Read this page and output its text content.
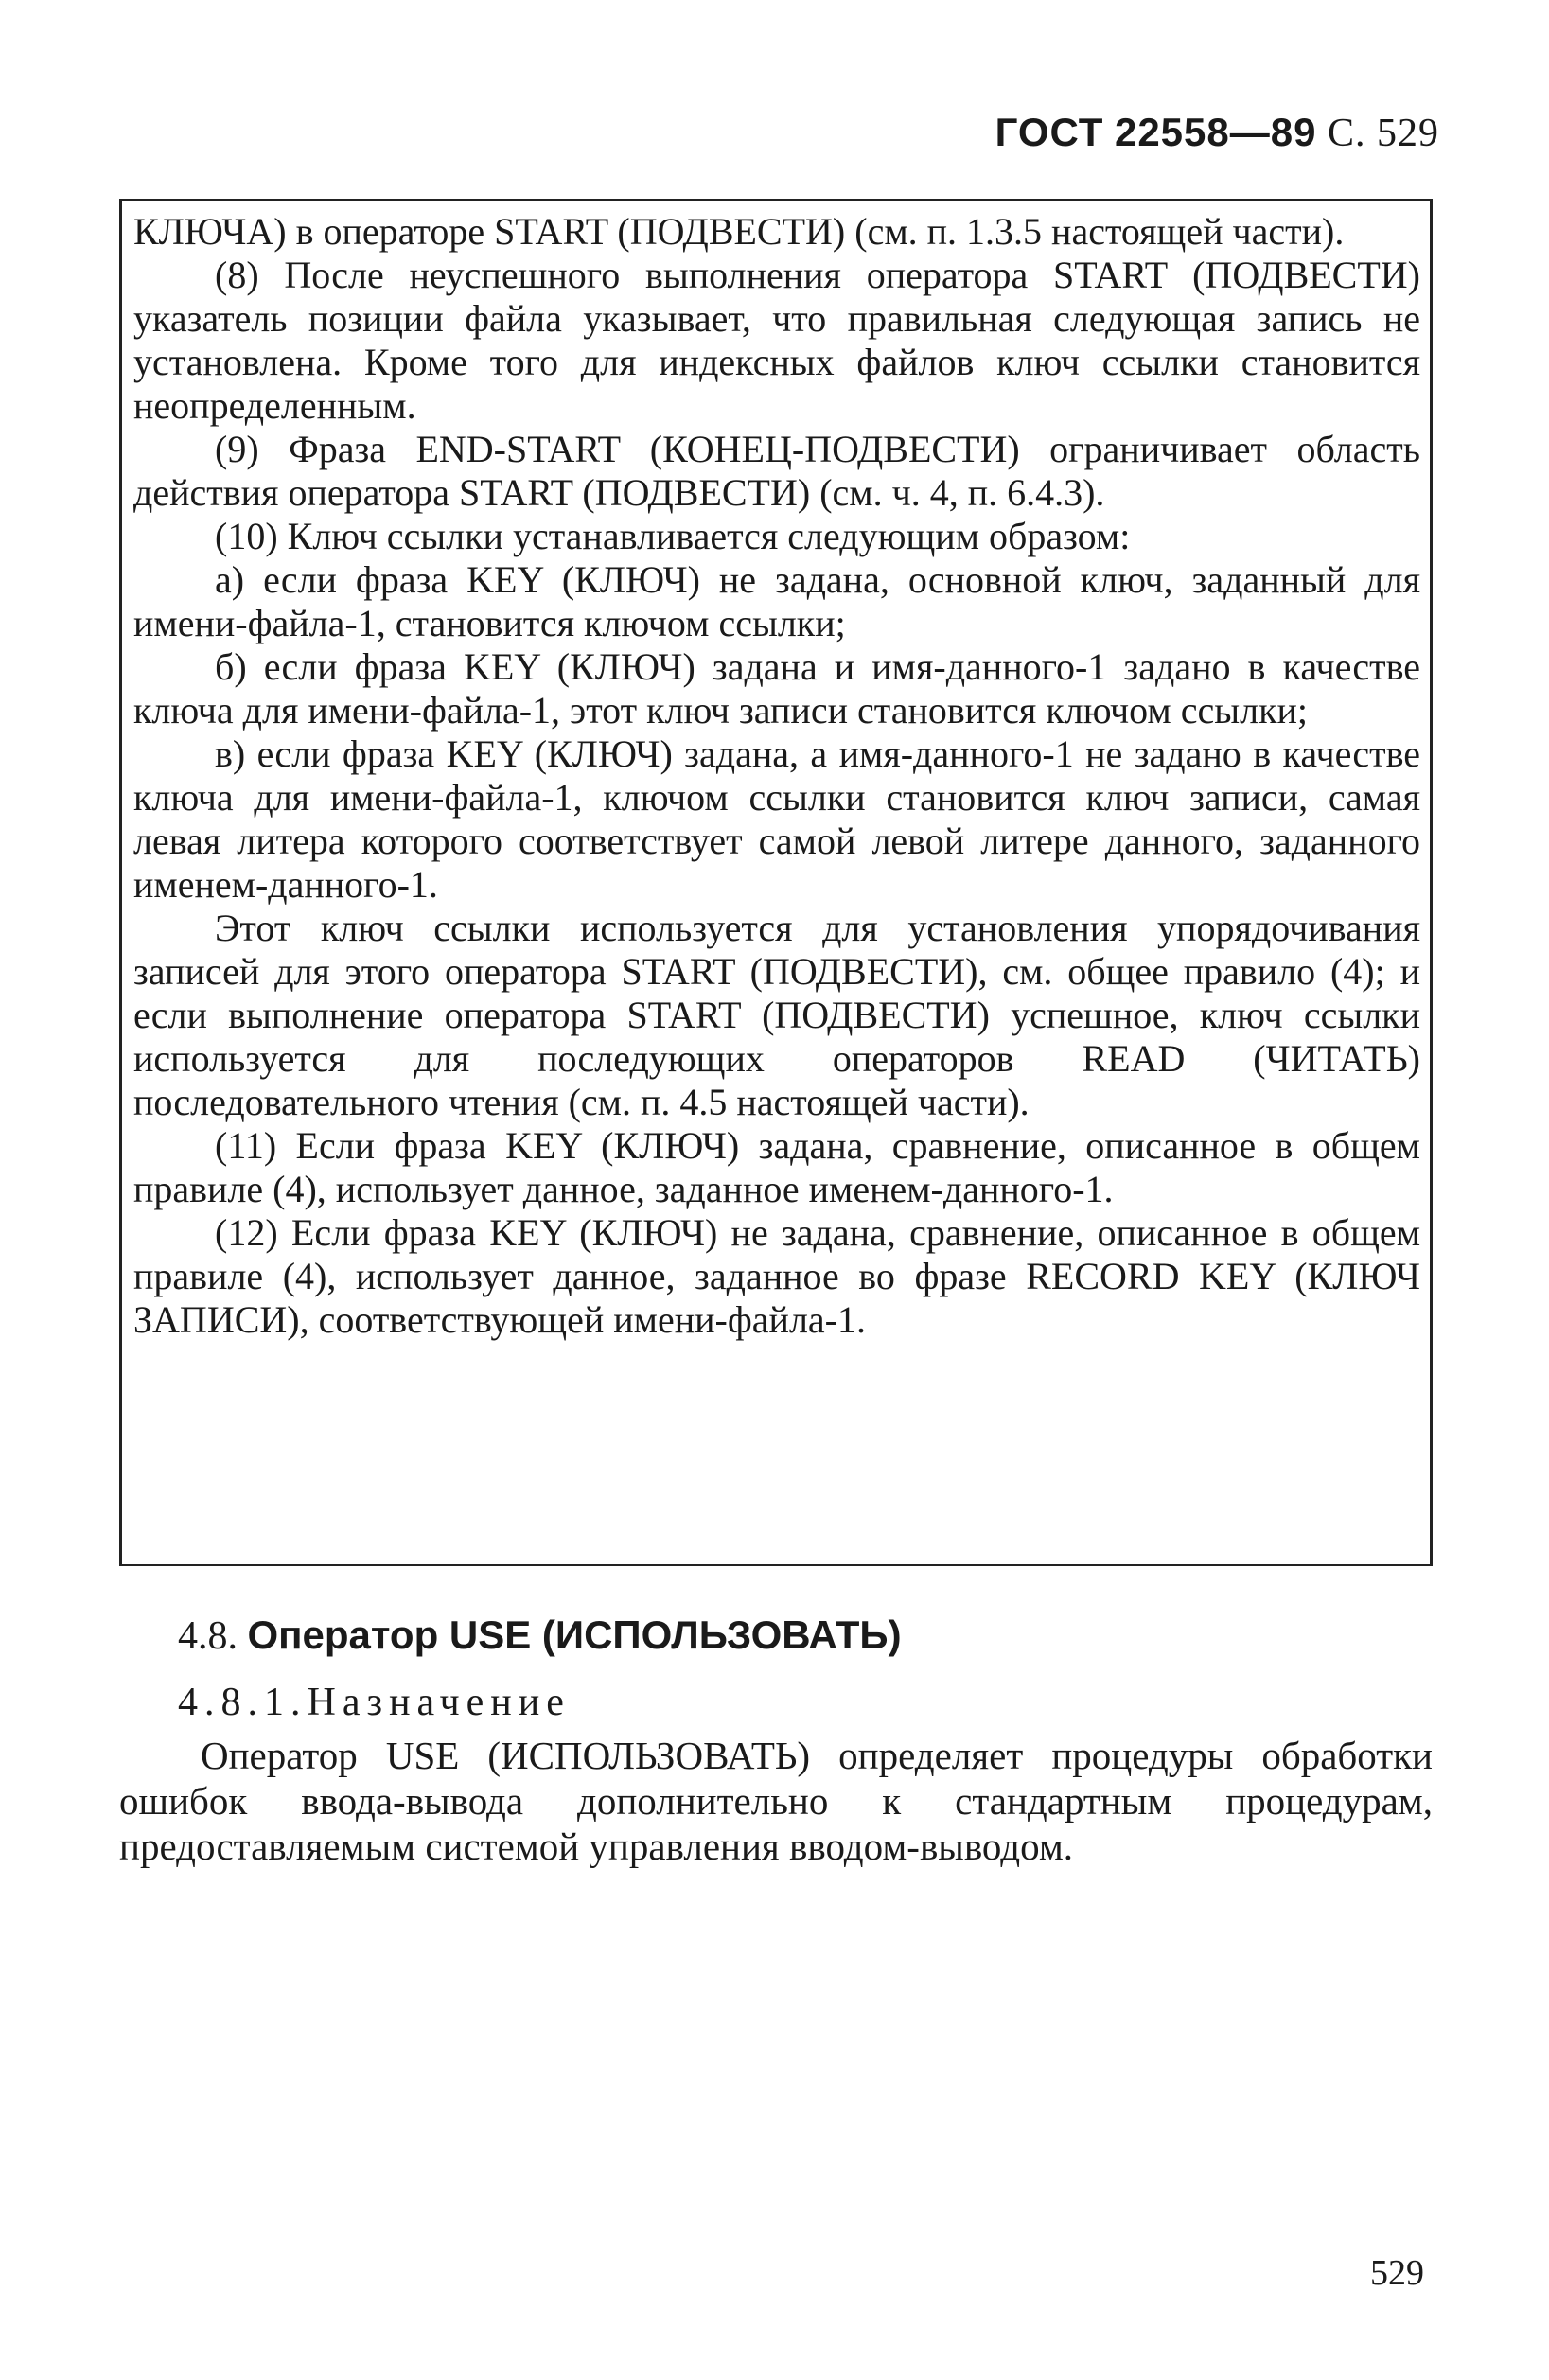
ГОСТ 22558—89 С. 529

КЛЮЧА) в операторе START (ПОДВЕСТИ) (см. п. 1.3.5 настоящей части).

(8) После неуспешного выполнения оператора START (ПОДВЕСТИ) указатель позиции файла указывает, что правильная следующая запись не установлена. Кроме того для индексных файлов ключ ссылки становится неопределенным.

(9) Фраза END-START (КОНЕЦ-ПОДВЕСТИ) ограничивает область действия оператора START (ПОДВЕСТИ) (см. ч. 4, п. 6.4.3).

(10) Ключ ссылки устанавливается следующим образом:

а) если фраза KEY (КЛЮЧ) не задана, основной ключ, заданный для имени-файла-1, становится ключом ссылки;

б) если фраза KEY (КЛЮЧ) задана и имя-данного-1 задано в качестве ключа для имени-файла-1, этот ключ записи становится ключом ссылки;

в) если фраза KEY (КЛЮЧ) задана, а имя-данного-1 не задано в качестве ключа для имени-файла-1, ключом ссылки становится ключ записи, самая левая литера которого соответствует самой левой литере данного, заданного именем-данного-1.

Этот ключ ссылки используется для установления упорядочивания записей для этого оператора START (ПОДВЕСТИ), см. общее правило (4); и если выполнение оператора START (ПОДВЕСТИ) успешное, ключ ссылки используется для последующих операторов READ (ЧИТАТЬ) последовательного чтения (см. п. 4.5 настоящей части).

(11) Если фраза KEY (КЛЮЧ) задана, сравнение, описанное в общем правиле (4), использует данное, заданное именем-данного-1.

(12) Если фраза KEY (КЛЮЧ) не задана, сравнение, описанное в общем правиле (4), использует данное, заданное во фразе RECORD KEY (КЛЮЧ ЗАПИСИ), соответствующей имени-файла-1.

4.8. Оператор USE (ИСПОЛЬЗОВАТЬ)

4.8.1.Назначение

Оператор USE (ИСПОЛЬЗОВАТЬ) определяет процедуры обработки ошибок ввода-вывода дополнительно к стандартным процедурам, предоставляемым системой управления вводом-выводом.

529
